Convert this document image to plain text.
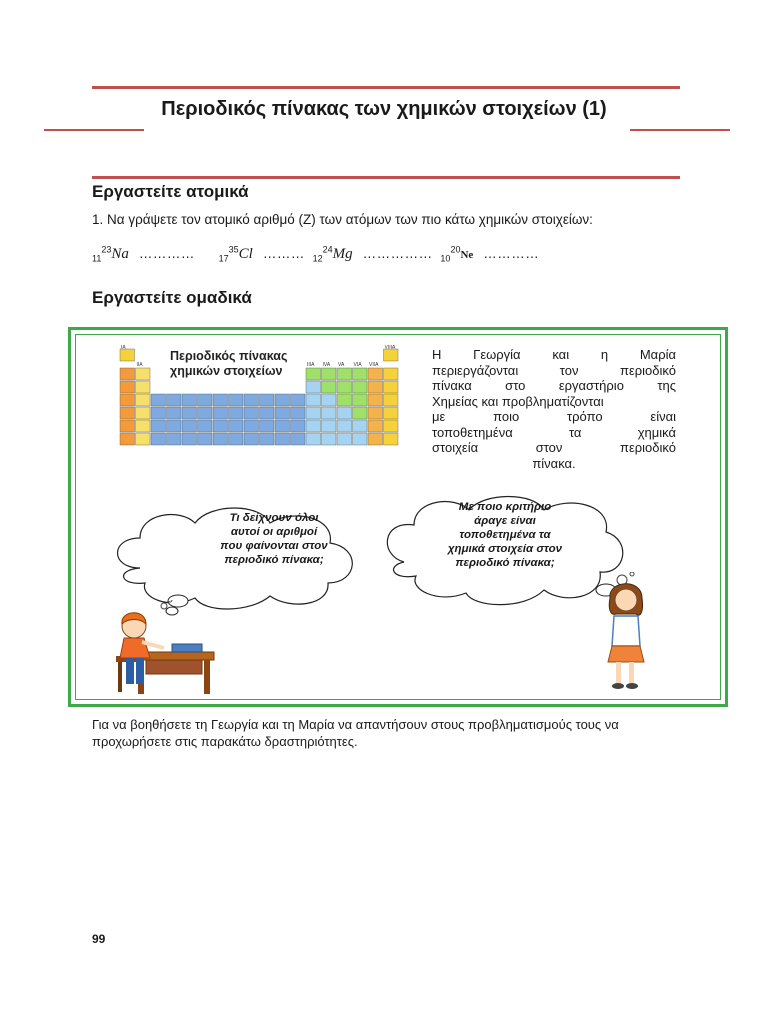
Περιοδικός πίνακας των χημικών στοιχείων (1)
Εργαστείτε ατομικά
1. Να γράψετε τον ατομικό αριθμό (Z) των ατόμων των πιο κάτω χημικών στοιχείων:
$_{11}^{23}$Na …………	$_{17}^{35}$Cl ……… $_{12}^{24}$Mg …………… $_{10}^{20}$Ne …………
Εργαστείτε ομαδικά
IA
IIA	IIIA IVA VA VIA VIIA
VIIIA
Περιοδικός πίνακας
χημικών στοιχείων
Η Γεωργία και η Μαρία
περιεργάζονται τον περιοδικό
πίνακα στο εργαστήριο της
Χημείας και προβληματίζονται
με ποιο τρόπο είναι
τοποθετημένα τα χημικά
στοιχεία στον περιοδικό
πίνακα.
Τι δείχνουν όλοι
αυτοί οι αριθμοί
που φαίνονται στον
περιοδικό πίνακα;
Με ποιο κριτήριο
άραγε είναι
τοποθετημένα τα
χημικά στοιχεία στον
περιοδικό πίνακα;
Για να βοηθήσετε τη Γεωργία και τη Μαρία να απαντήσουν στους προβληματισμούς τους να προχωρήσετε στις παρακάτω δραστηριότητες.
99
